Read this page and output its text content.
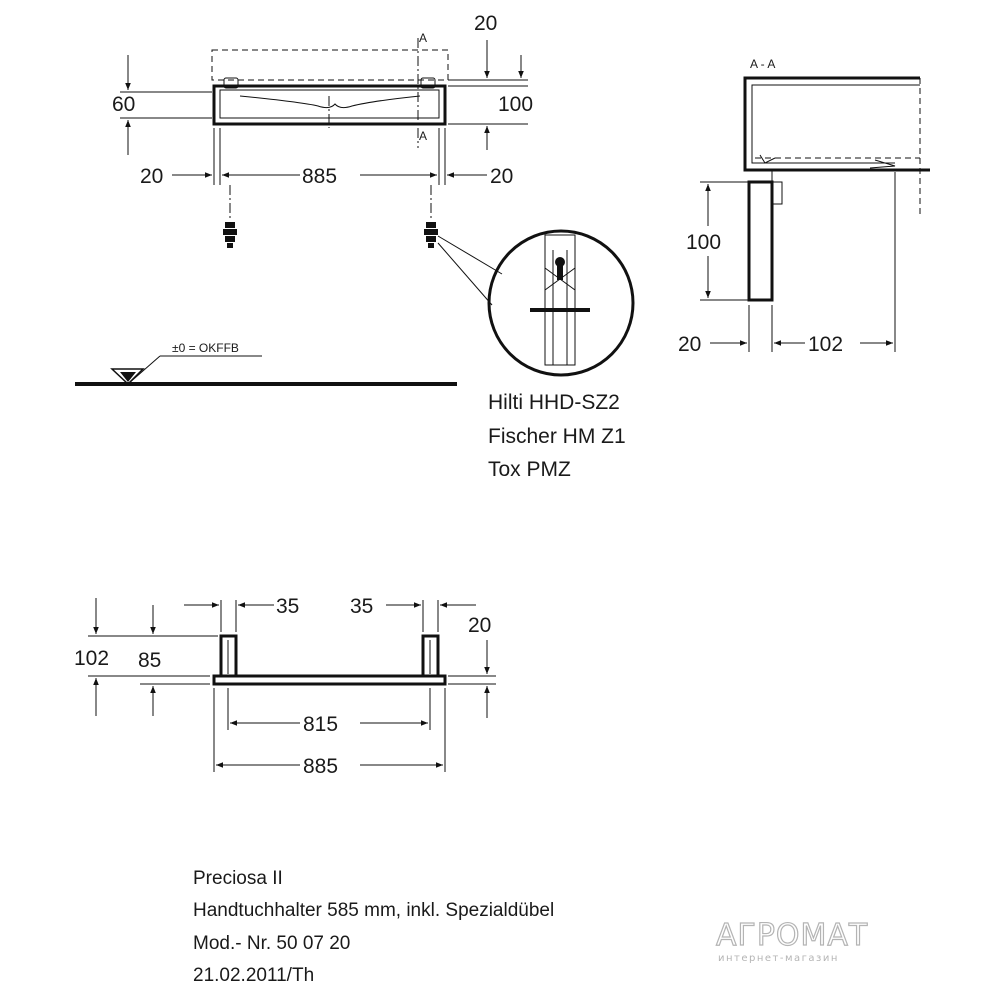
A
A
60
20
100
20	885	20
Hilti HHD-SZ2
Fischer HM Z1
Tox PMZ
±0 = OKFFB
A - A
100
20	102
35 35
102 85
20
815
885
Preciosa II
Handtuchhalter 585 mm, inkl. Spezialdübel
Mod.- Nr. 50 07 20
21.02.2011/Th
АГРОМАТ
интернет-магазин
